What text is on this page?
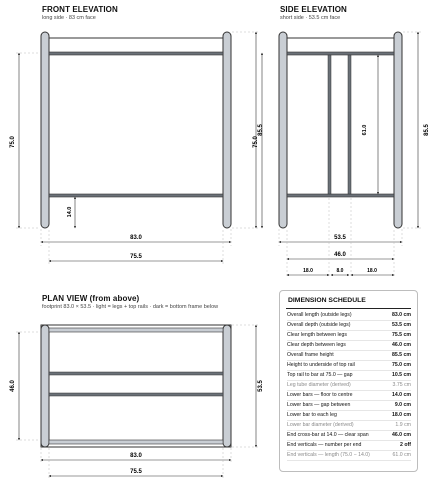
FRONT ELEVATION
long side · 83 cm face
SIDE ELEVATION
short side · 53.5 cm face
PLAN VIEW (from above)
footprint 83.0 × 53.5 · light = legs + top rails · dark = bottom frame below
75.0
85.5
14.0
83.0
75.5
75.0
85.5
61.0
53.5
46.0
18.0	8.0	18.0
46.0	53.5
83.0
75.5
DIMENSION SCHEDULE
Overall length (outside legs)	83.0 cm
Overall depth (outside legs)	53.5 cm
Clear length between legs	75.5 cm
Clear depth between legs	46.0 cm
Overall frame height	85.5 cm
Height to underside of top rail	75.0 cm
Top rail to bar at 75.0 — gap	10.5 cm
Leg tube diameter (derived)	3.75 cm
Lower bars — floor to centre	14.0 cm
Lower bars — gap between	9.0 cm
Lower bar to each leg	18.0 cm
Lower bar diameter (derived)	1.9 cm
End cross-bar at 14.0 — clear span	46.0 cm
End verticals — number per end	2 off
End verticals — length (75.0 − 14.0)	61.0 cm
